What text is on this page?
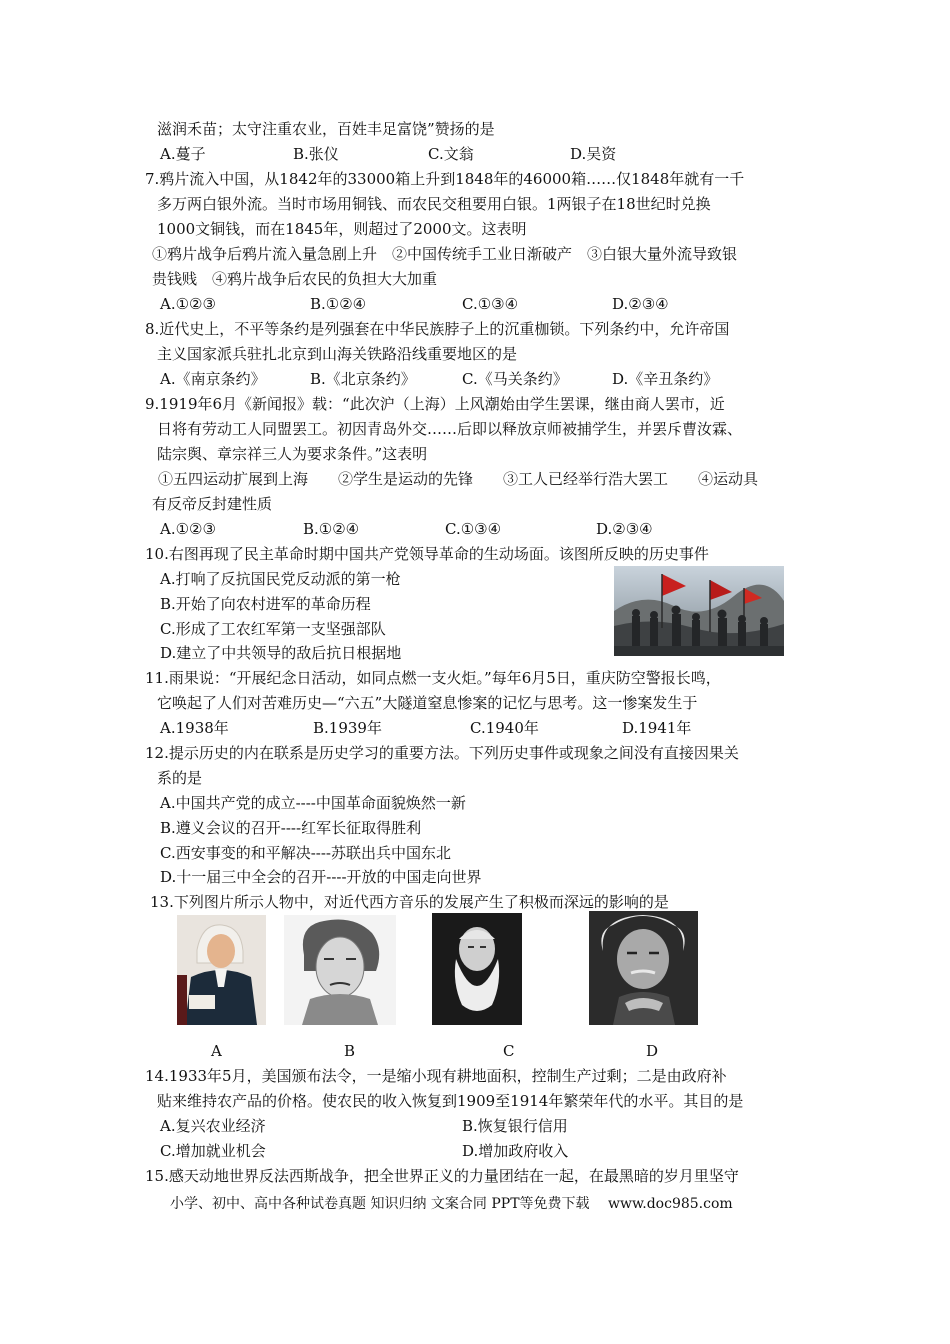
滋润禾苗；太守注重农业，百姓丰足富饶”赞扬的是
A.蔓子	B.张仪	C.文翁	D.吴资
7.鸦片流入中国，从1842年的33000箱上升到1848年的46000箱……仅1848年就有一千
多万两白银外流。当时市场用铜钱、而农民交租要用白银。1两银子在18世纪时兑换
1000文铜钱，而在1845年，则超过了2000文。这表明
①鸦片战争后鸦片流入量急剧上升　②中国传统手工业日渐破产　③白银大量外流导致银
贵钱贱　④鸦片战争后农民的负担大大加重
A.①②③	B.①②④	C.①③④	D.②③④
8.近代史上，不平等条约是列强套在中华民族脖子上的沉重枷锁。下列条约中，允许帝国
主义国家派兵驻扎北京到山海关铁路沿线重要地区的是
A.《南京条约》	B.《北京条约》	C.《马关条约》	D.《辛丑条约》
9.1919年6月《新闻报》载：“此次沪（上海）上风潮始由学生罢课，继由商人罢市，近
日将有劳动工人同盟罢工。初因青岛外交……后即以释放京师被捕学生，并罢斥曹汝霖、
陆宗舆、章宗祥三人为要求条件。”这表明
①五四运动扩展到上海　　②学生是运动的先锋　　③工人已经举行浩大罢工　　④运动具
有反帝反封建性质
A.①②③	B.①②④	C.①③④	D.②③④
10.右图再现了民主革命时期中国共产党领导革命的生动场面。该图所反映的历史事件
A.打响了反抗国民党反动派的第一枪
B.开始了向农村进军的革命历程
C.形成了工农红军第一支坚强部队
D.建立了中共领导的敌后抗日根据地
11.雨果说：“开展纪念日活动，如同点燃一支火炬。”每年6月5日，重庆防空警报长鸣，
它唤起了人们对苦难历史—“六五”大隧道窒息惨案的记忆与思考。这一惨案发生于
A.1938年	B.1939年	C.1940年	D.1941年
12.提示历史的内在联系是历史学习的重要方法。下列历史事件或现象之间没有直接因果关
系的是
A.中国共产党的成立----中国革命面貌焕然一新
B.遵义会议的召开----红军长征取得胜利
C.西安事变的和平解决----苏联出兵中国东北
D.十一届三中全会的召开----开放的中国走向世界
13.下列图片所示人物中，对近代西方音乐的发展产生了积极而深远的影响的是
A	B	C	D
14.1933年5月，美国颁布法令，一是缩小现有耕地面积，控制生产过剩；二是由政府补
贴来维持农产品的价格。使农民的收入恢复到1909至1914年繁荣年代的水平。其目的是
A.复兴农业经济	B.恢复银行信用
C.增加就业机会	D.增加政府收入
15.感天动地世界反法西斯战争，把全世界正义的力量团结在一起，在最黑暗的岁月里坚守
小学、初中、高中各种试卷真题 知识归纳 文案合同 PPT等免费下载　 www.doc985.com
